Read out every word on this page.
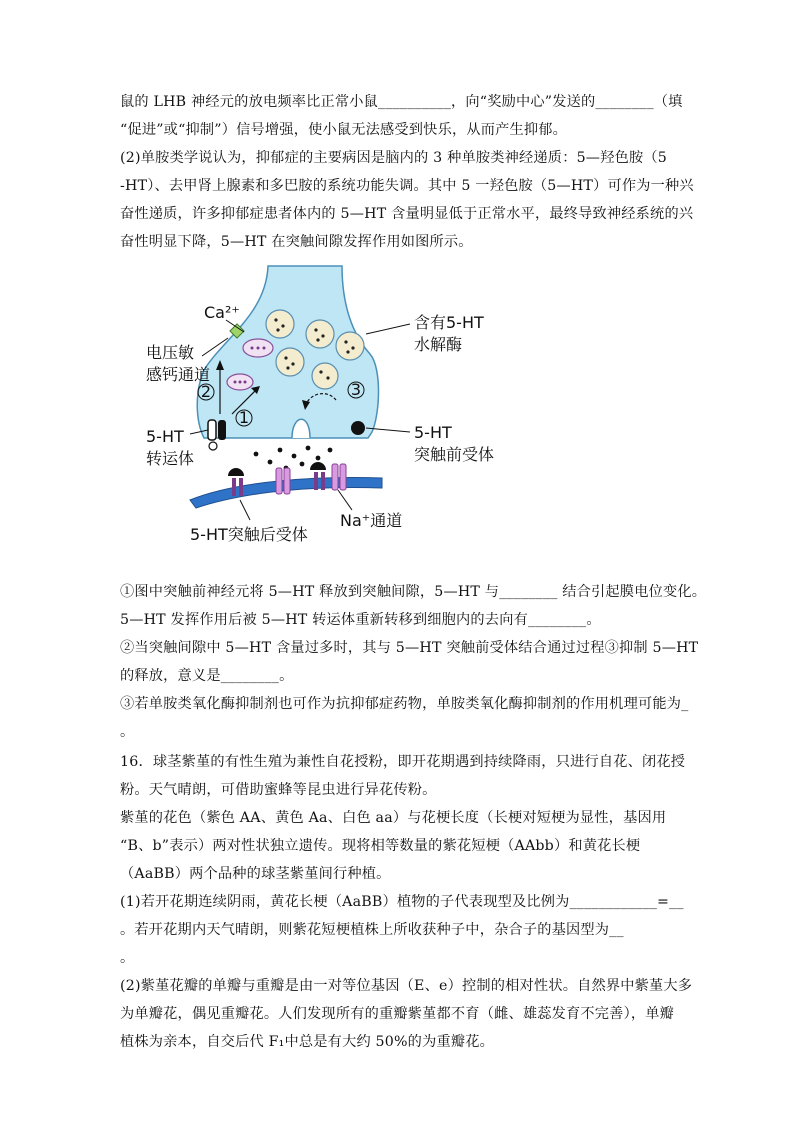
鼠的 LHB 神经元的放电频率比正常小鼠__________，向“奖励中心”发送的________（填
“促进”或“抑制”）信号增强，使小鼠无法感受到快乐，从而产生抑郁。
(2)单胺类学说认为，抑郁症的主要病因是脑内的 3 种单胺类神经递质：5—羟色胺（5
-HT）、去甲肾上腺素和多巴胺的系统功能失调。其中 5 一羟色胺（5—HT）可作为一种兴
奋性递质，许多抑郁症患者体内的 5—HT 含量明显低于正常水平，最终导致神经系统的兴
奋性明显下降，5—HT 在突触间隙发挥作用如图所示。
1
2	3
Ca²⁺
电压敏
感钙通道
含有5-HT
水解酶
5-HT
转运体
5-HT
突触前受体
Na⁺通道
5-HT突触后受体
①图中突触前神经元将 5—HT 释放到突触间隙，5—HT 与________ 结合引起膜电位变化。
5—HT 发挥作用后被 5—HT 转运体重新转移到细胞内的去向有________。
②当突触间隙中 5—HT 含量过多时，其与 5—HT 突触前受体结合通过过程③抑制 5—HT
的释放，意义是________。
③若单胺类氧化酶抑制剂也可作为抗抑郁症药物，单胺类氧化酶抑制剂的作用机理可能为_
。
16．球茎紫堇的有性生殖为兼性自花授粉，即开花期遇到持续降雨，只进行自花、闭花授
粉。天气晴朗，可借助蜜蜂等昆虫进行异花传粉。
紫堇的花色（紫色 AA、黄色 Aa、白色 aa）与花梗长度（长梗对短梗为显性，基因用
“B、b”表示）两对性状独立遗传。现将相等数量的紫花短梗（AAbb）和黄花长梗
（AaBB）两个品种的球茎紫堇间行种植。
(1)若开花期连续阴雨，黄花长梗（AaBB）植物的子代表现型及比例为____________=__
。若开花期内天气晴朗，则紫花短梗植株上所收获种子中，杂合子的基因型为__
。
(2)紫堇花瓣的单瓣与重瓣是由一对等位基因（E、e）控制的相对性状。自然界中紫堇大多
为单瓣花，偶见重瓣花。人们发现所有的重瓣紫堇都不育（雌、雄蕊发育不完善），单瓣
植株为亲本，自交后代 F₁中总是有大约 50%的为重瓣花。
